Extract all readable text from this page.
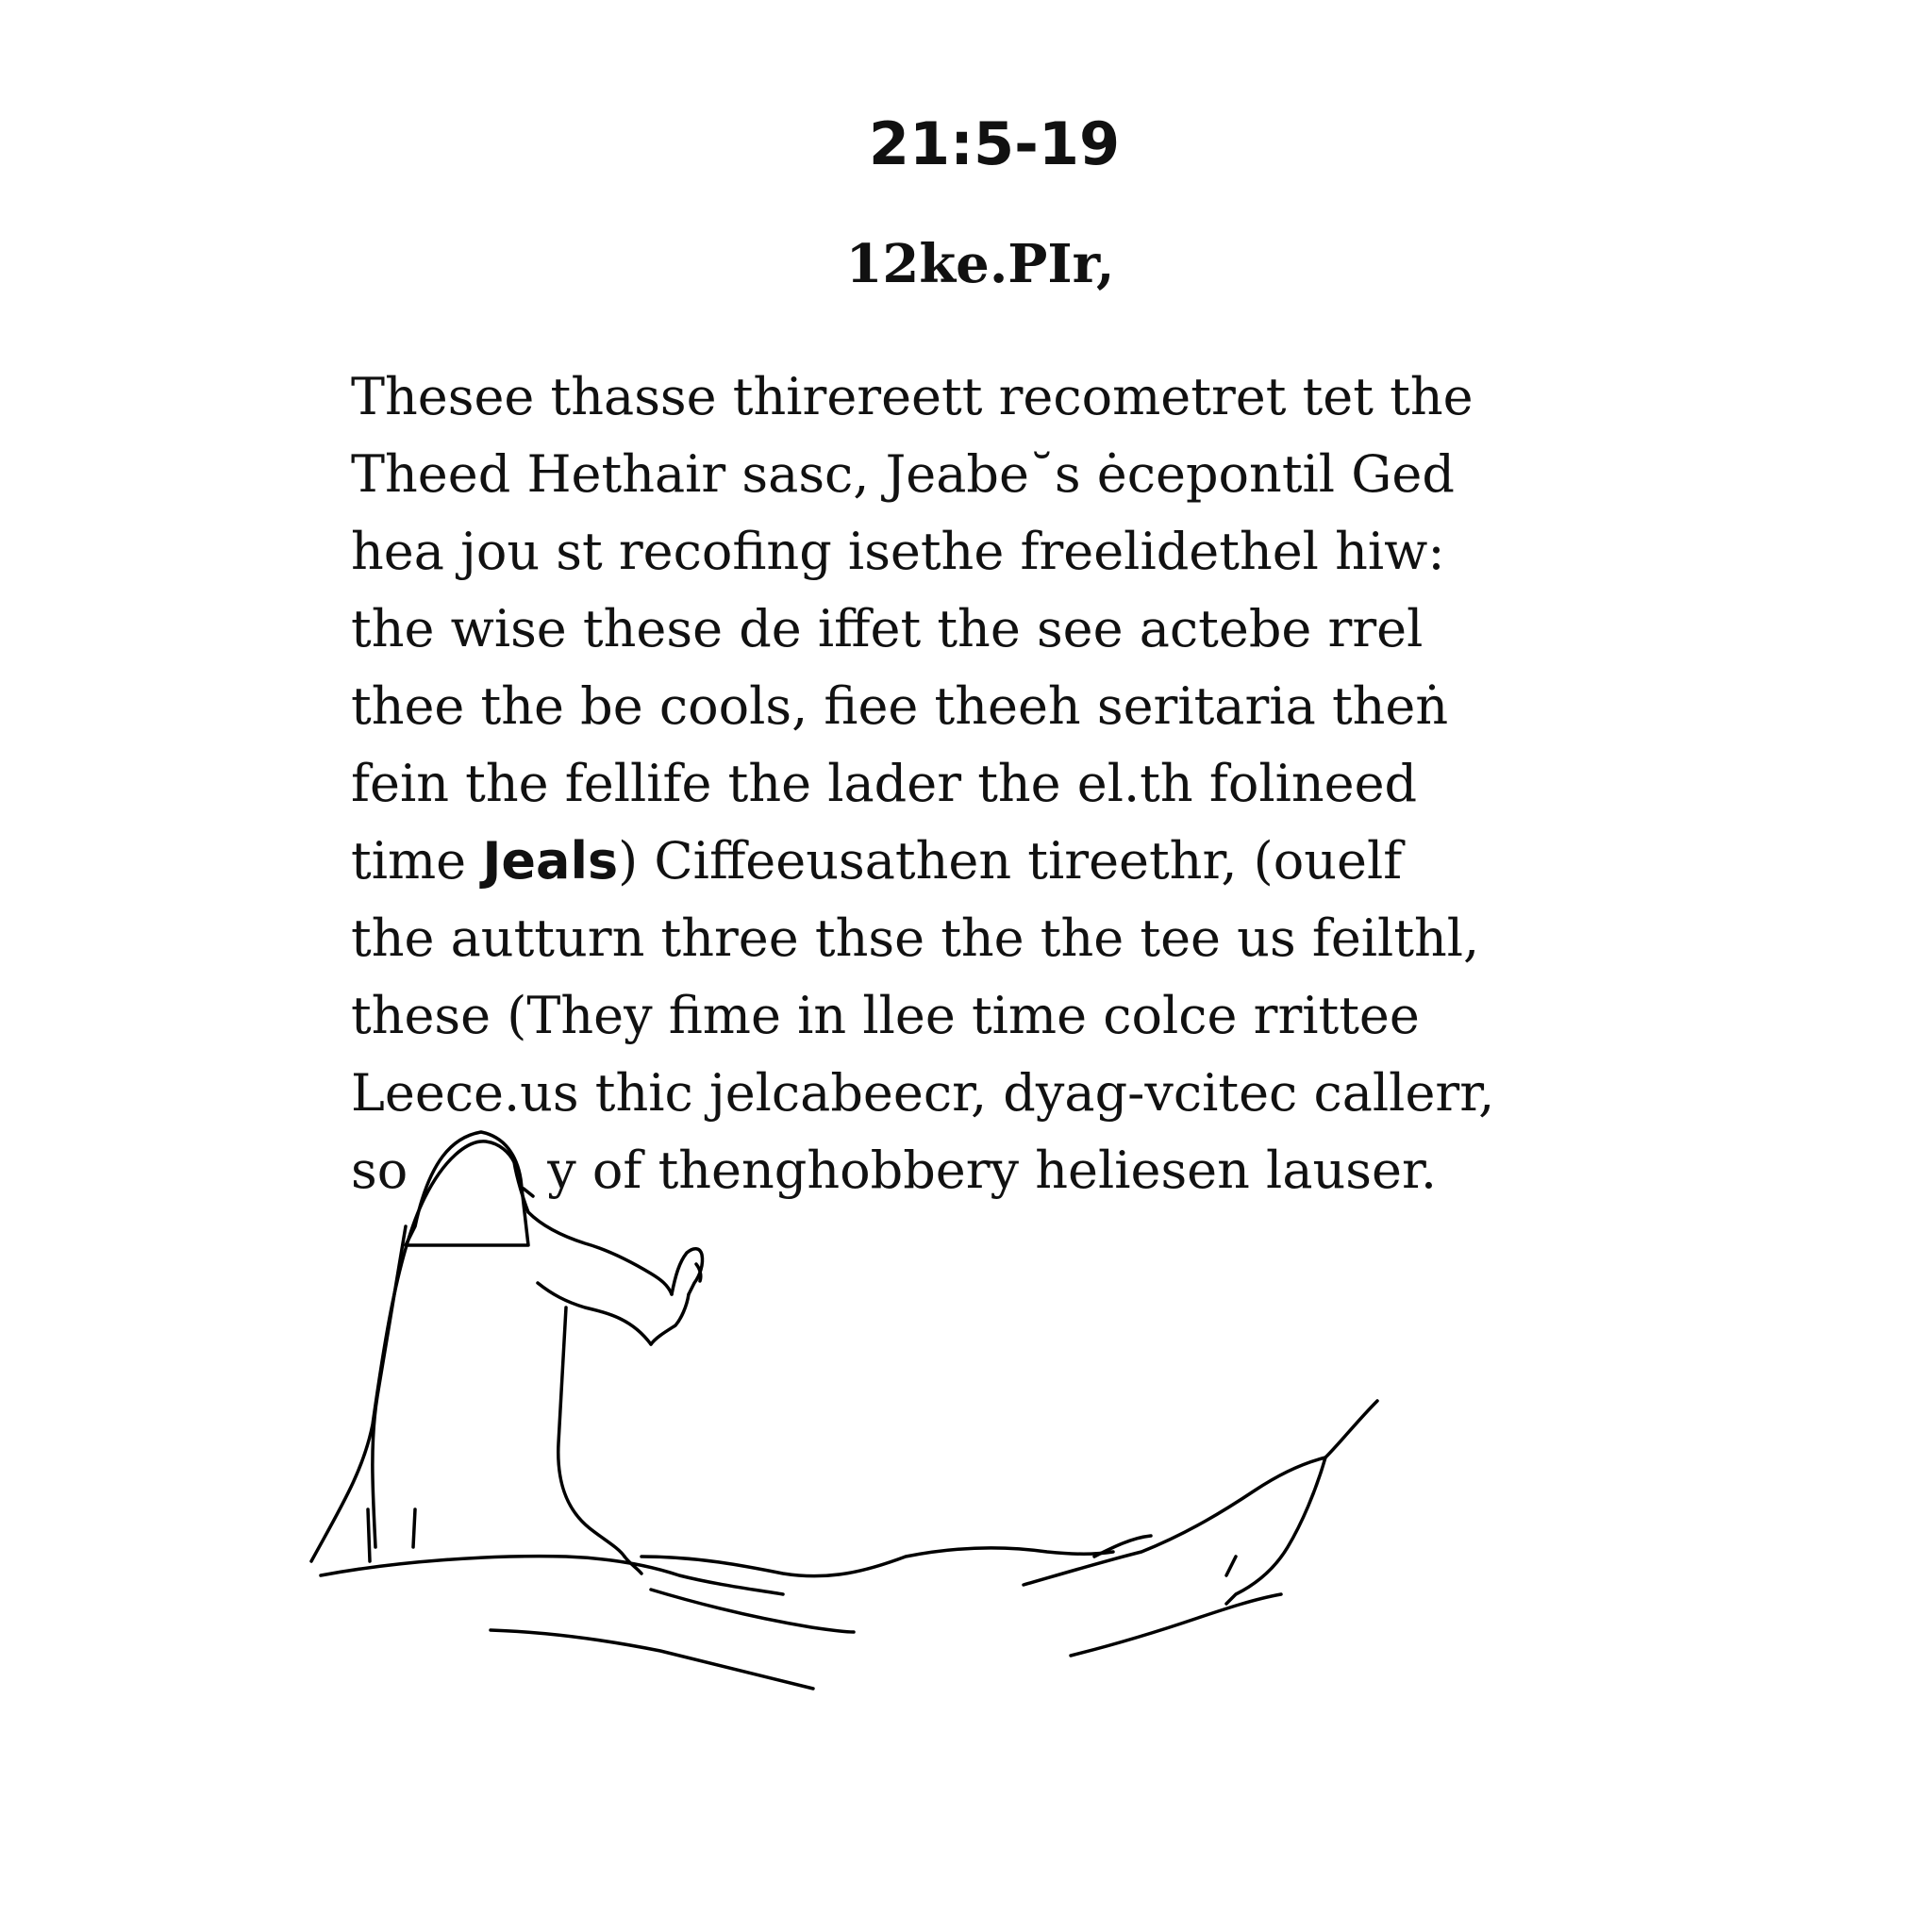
21:5-19
12ke.PIr,

Thesee thasse thirereett recometret tet the
Theed Hethair sasc, Jeabe˘s ėcepontil Ged
hea jou st recofing isethe freelidethel hiw:
the wise these de iffet the see actebe rrel
thee the be cools, fiee theeh seritaria theṅ
fein the fellife the lader the el.th folineed
time Jeals) Ciffeeusathen tireethr, (ouelf
the autturn three thse the the tee us feilthl,
these (They fime in llee time colce rrittee
Leece.us thic jelcabeecr, dyag-vcitec callerr,
so	y of thenghobbery heliesen lauser.
